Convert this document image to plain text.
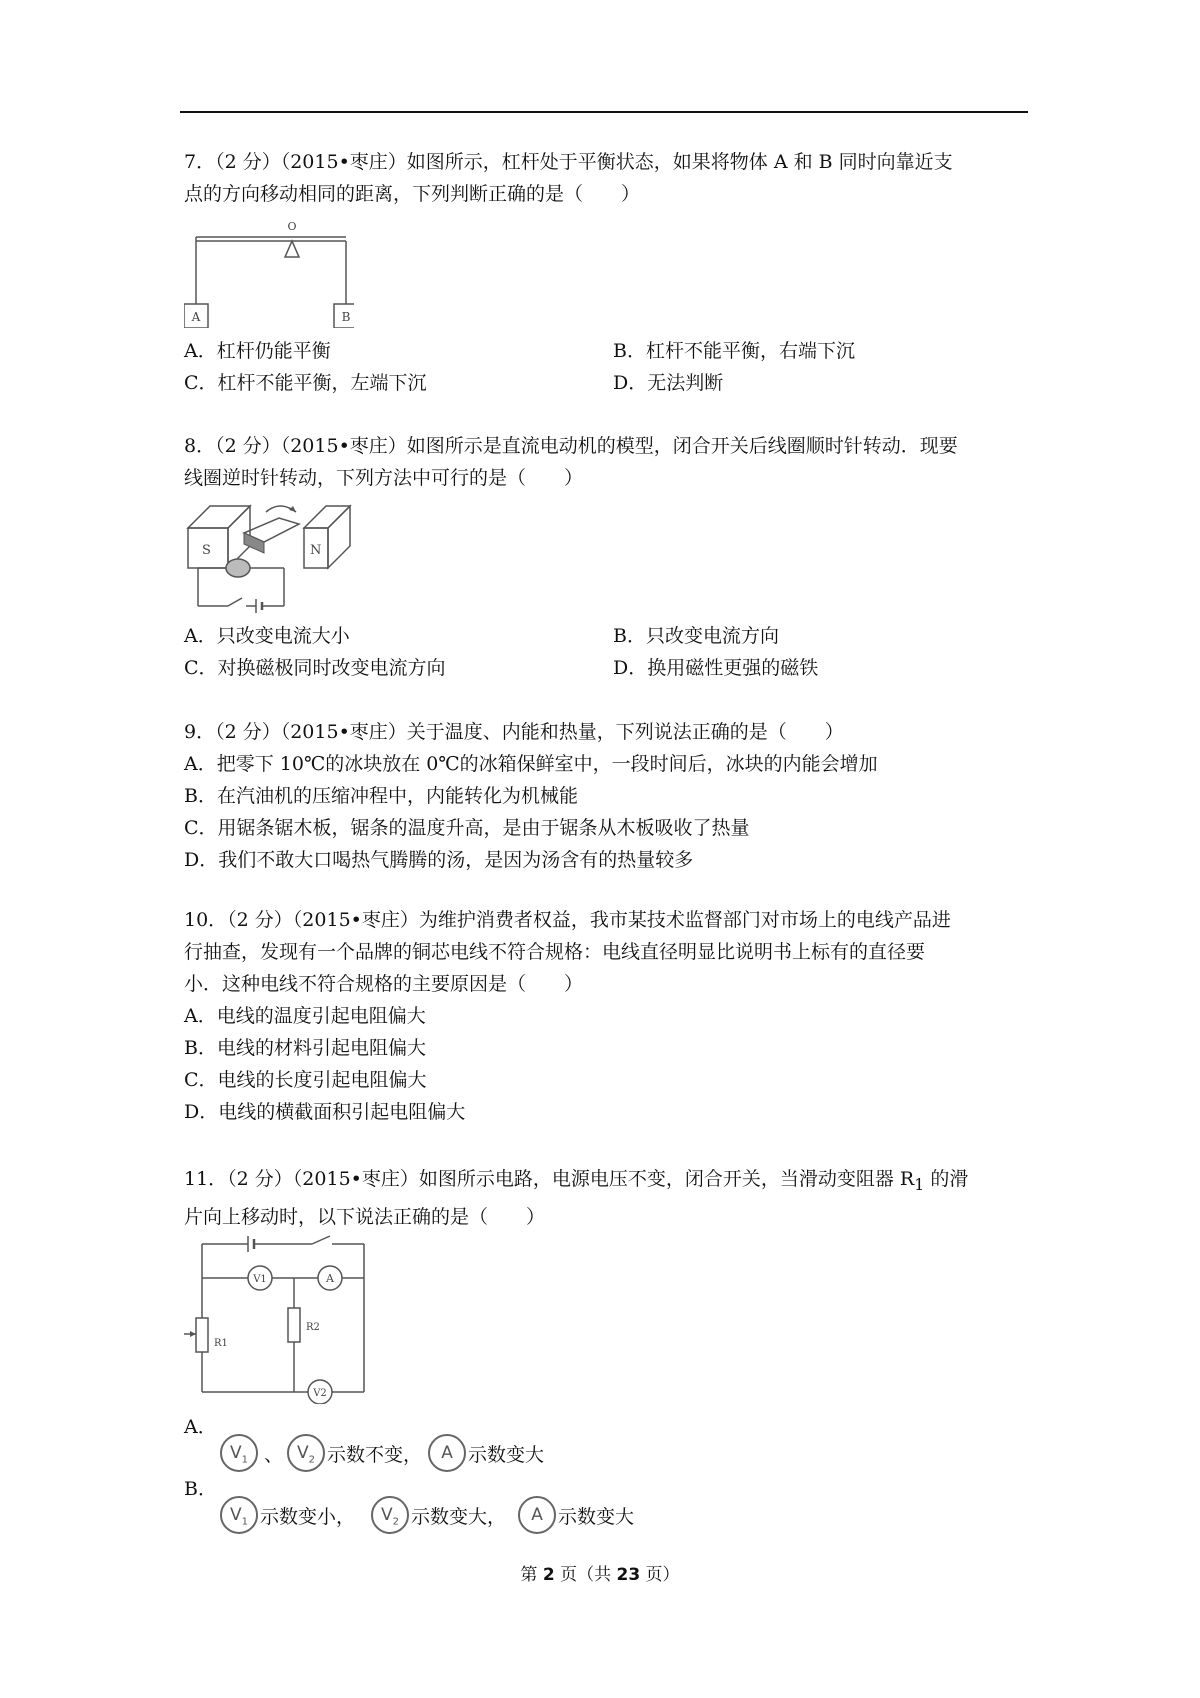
7．（2 分）（2015•枣庄）如图所示，杠杆处于平衡状态，如果将物体 A 和 B 同时向靠近支

点的方向移动相同的距离，下列判断正确的是（　　）

O
A	B

A．杠杆仍能平衡	B．杠杆不能平衡，右端下沉

C．杠杆不能平衡，左端下沉	D．无法判断

8．（2 分）（2015•枣庄）如图所示是直流电动机的模型，闭合开关后线圈顺时针转动．现要

线圈逆时针转动，下列方法中可行的是（　　）

S	N

A．只改变电流大小	B．只改变电流方向

C．对换磁极同时改变电流方向	D．换用磁性更强的磁铁

9．（2 分）（2015•枣庄）关于温度、内能和热量，下列说法正确的是（　　）

A．把零下 10℃的冰块放在 0℃的冰箱保鲜室中，一段时间后，冰块的内能会增加

B．在汽油机的压缩冲程中，内能转化为机械能

C．用锯条锯木板，锯条的温度升高，是由于锯条从木板吸收了热量

D．我们不敢大口喝热气腾腾的汤，是因为汤含有的热量较多

10．（2 分）（2015•枣庄）为维护消费者权益，我市某技术监督部门对市场上的电线产品进

行抽查，发现有一个品牌的铜芯电线不符合规格：电线直径明显比说明书上标有的直径要

小．这种电线不符合规格的主要原因是（　　）

A．电线的温度引起电阻偏大

B．电线的材料引起电阻偏大

C．电线的长度引起电阻偏大

D．电线的横截面积引起电阻偏大

11．（2 分）（2015•枣庄）如图所示电路，电源电压不变，闭合开关，当滑动变阻器 $R_1$ 的滑

片向上移动时，以下说法正确的是（　　）

V1	A
R2
R1
V2
A．
$V_1$ 、 $V_2$ 示数不变，	A 示数变大
B．
$V_1$ 示数变小，	$V_2$ 示数变大，	A 示数变大
第 2 页（共 23 页）
